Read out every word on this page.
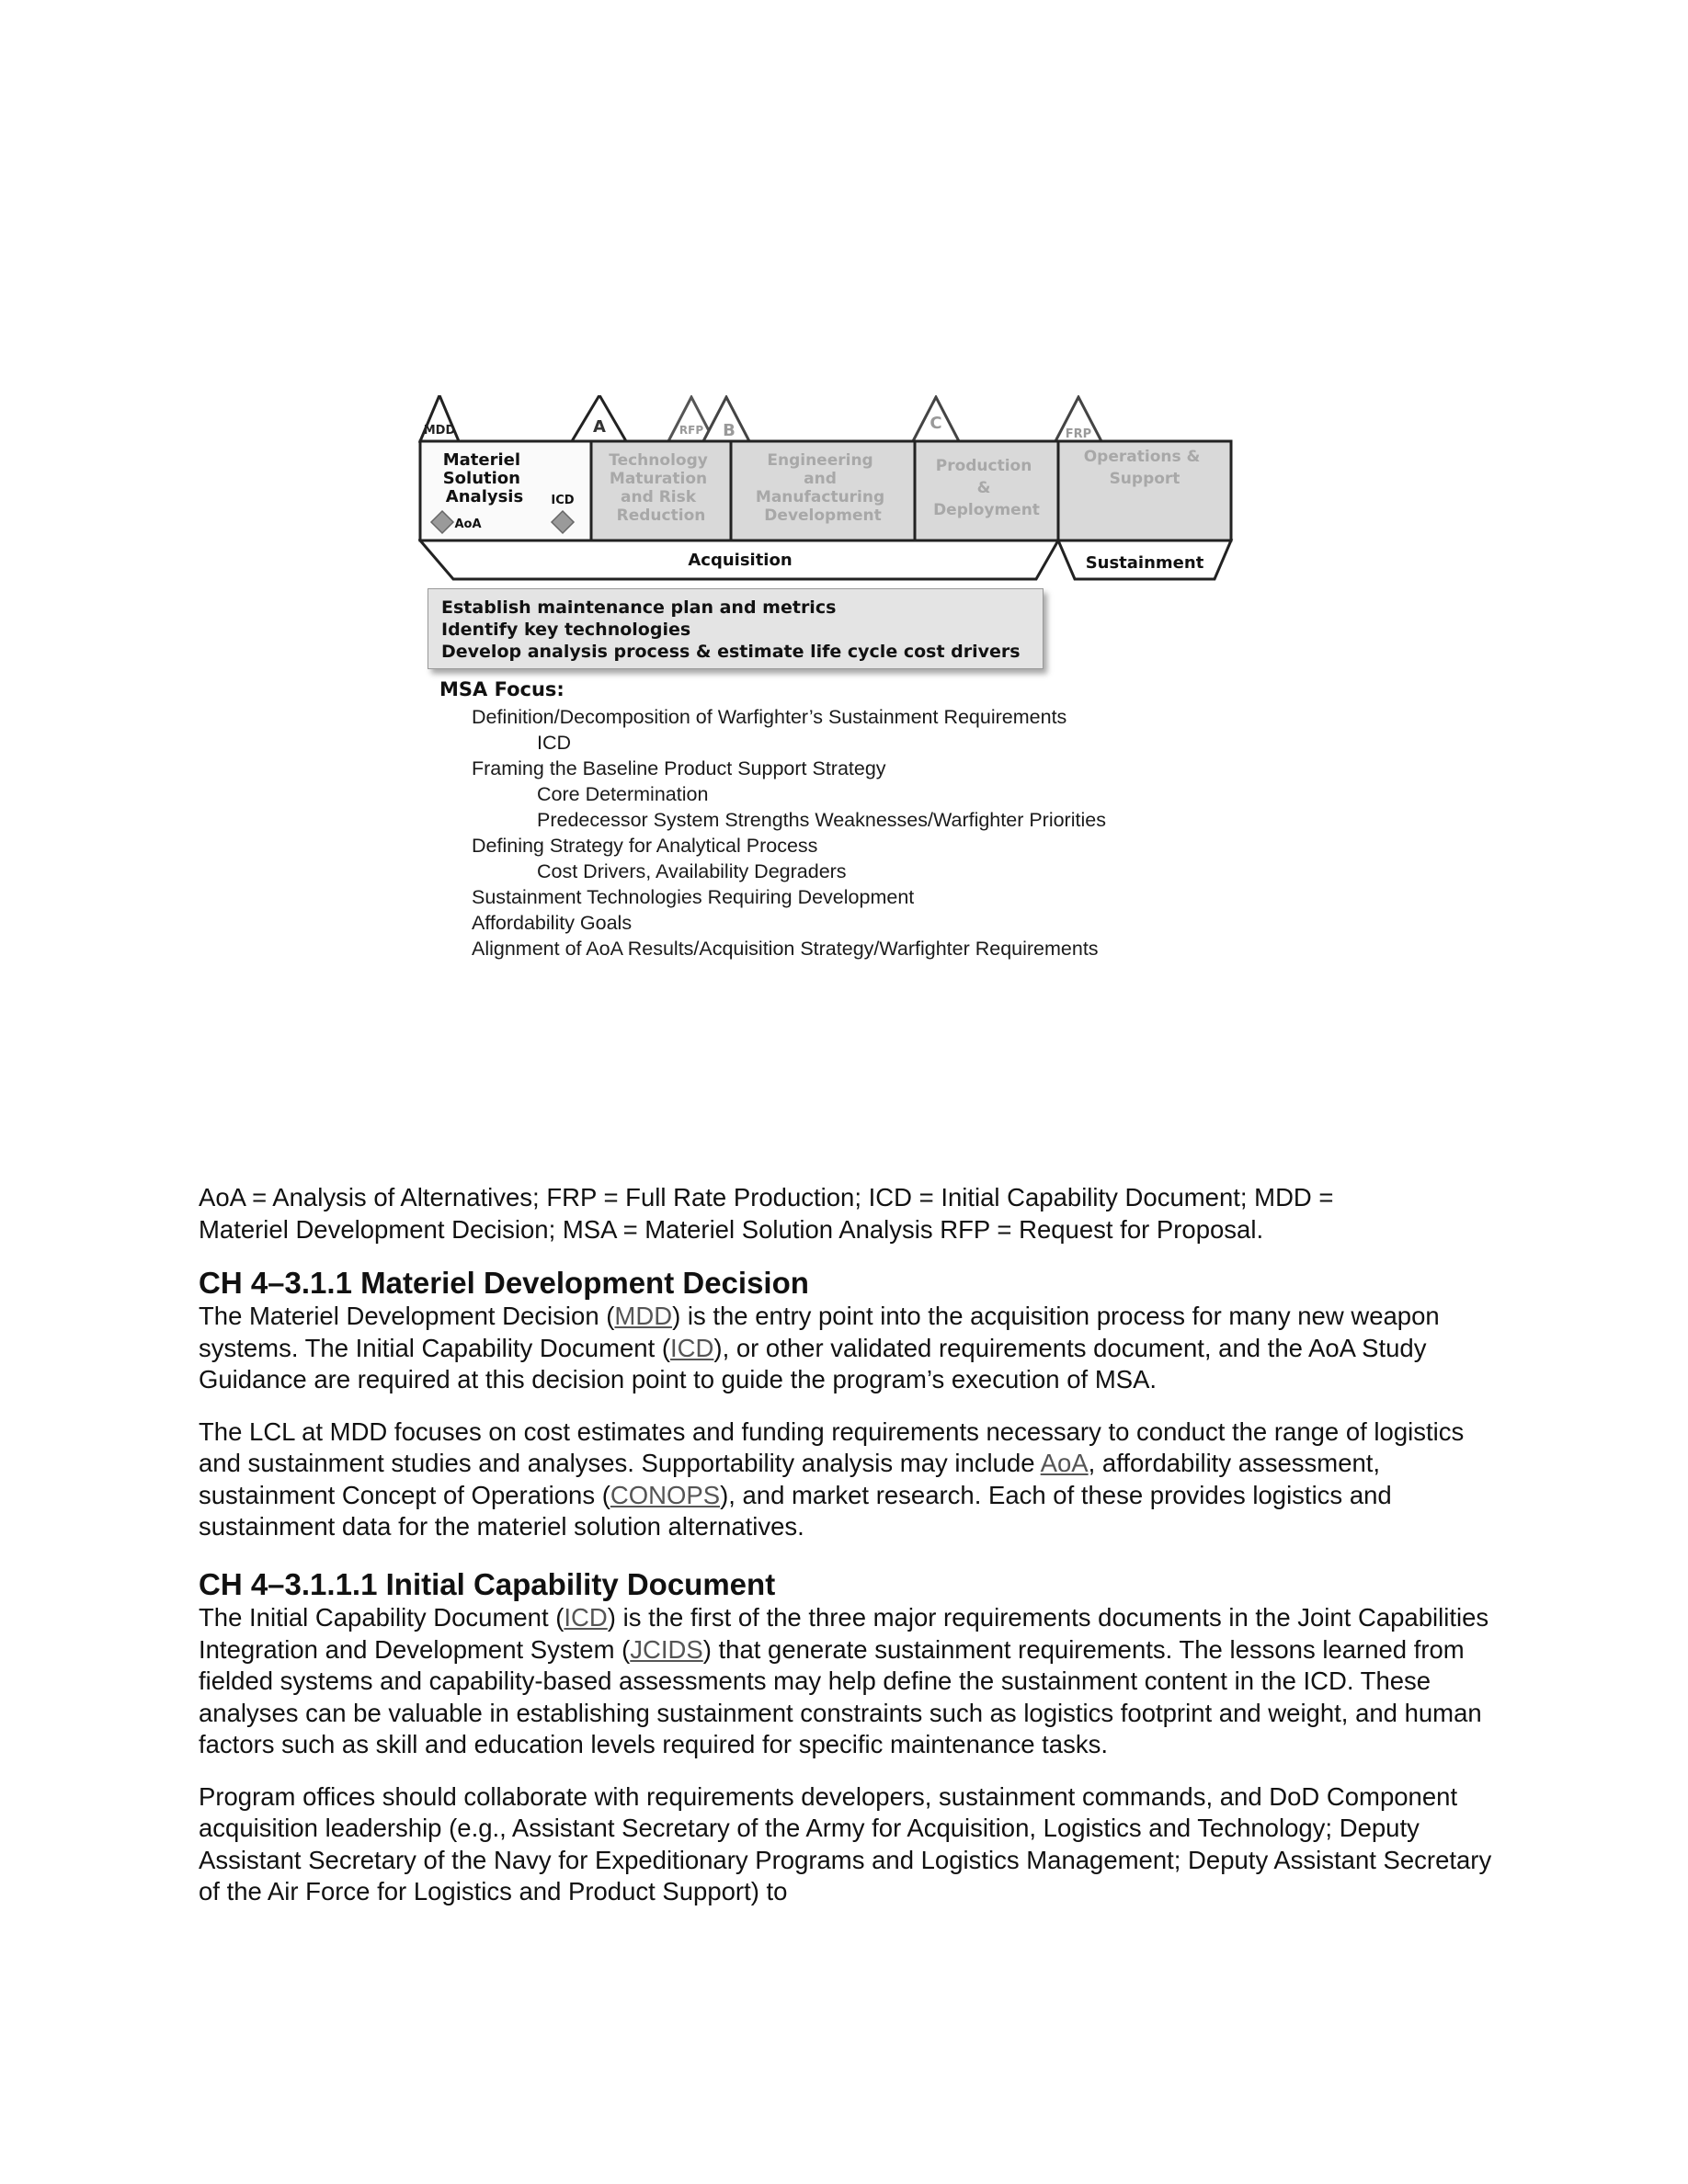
MDD	A	RFP B	C
FRP
Materiel Solution Analysis ICD
AoA
Technology Maturation and Risk Reduction
Engineering and Manufacturing Development
Production & Deployment
Operations & Support
Acquisition	Sustainment
Establish maintenance plan and metrics
Identify key technologies
Develop analysis process & estimate life cycle cost drivers
MSA Focus:
Definition/Decomposition of Warfighter’s Sustainment Requirements
ICD
Framing the Baseline Product Support Strategy
Core Determination
Predecessor System Strengths Weaknesses/Warfighter Priorities
Defining Strategy for Analytical Process
Cost Drivers, Availability Degraders
Sustainment Technologies Requiring Development
Affordability Goals
Alignment of AoA Results/Acquisition Strategy/Warfighter Requirements

AoA = Analysis of Alternatives; FRP = Full Rate Production; ICD = Initial Capability Document; MDD =

Materiel Development Decision; MSA = Materiel Solution Analysis RFP = Request for Proposal.

CH 4–3.1.1 Materiel Development Decision

The Materiel Development Decision (MDD) is the entry point into the acquisition process for many new weapon systems. The Initial Capability Document (ICD), or other validated requirements document, and the AoA Study Guidance are required at this decision point to guide the program’s execution of MSA.

The LCL at MDD focuses on cost estimates and funding requirements necessary to conduct the range of logistics and sustainment studies and analyses. Supportability analysis may include AoA, affordability assessment, sustainment Concept of Operations (CONOPS), and market research. Each of these provides logistics and sustainment data for the materiel solution alternatives.

CH 4–3.1.1.1 Initial Capability Document

The Initial Capability Document (ICD) is the first of the three major requirements documents in the Joint Capabilities Integration and Development System (JCIDS) that generate sustainment requirements. The lessons learned from fielded systems and capability-based assessments may help define the sustainment content in the ICD. These analyses can be valuable in establishing sustainment constraints such as logistics footprint and weight, and human factors such as skill and education levels required for specific maintenance tasks.

Program offices should collaborate with requirements developers, sustainment commands, and DoD Component acquisition leadership (e.g., Assistant Secretary of the Army for Acquisition, Logistics and Technology; Deputy Assistant Secretary of the Navy for Expeditionary Programs and Logistics Management; Deputy Assistant Secretary of the Air Force for Logistics and Product Support) to
